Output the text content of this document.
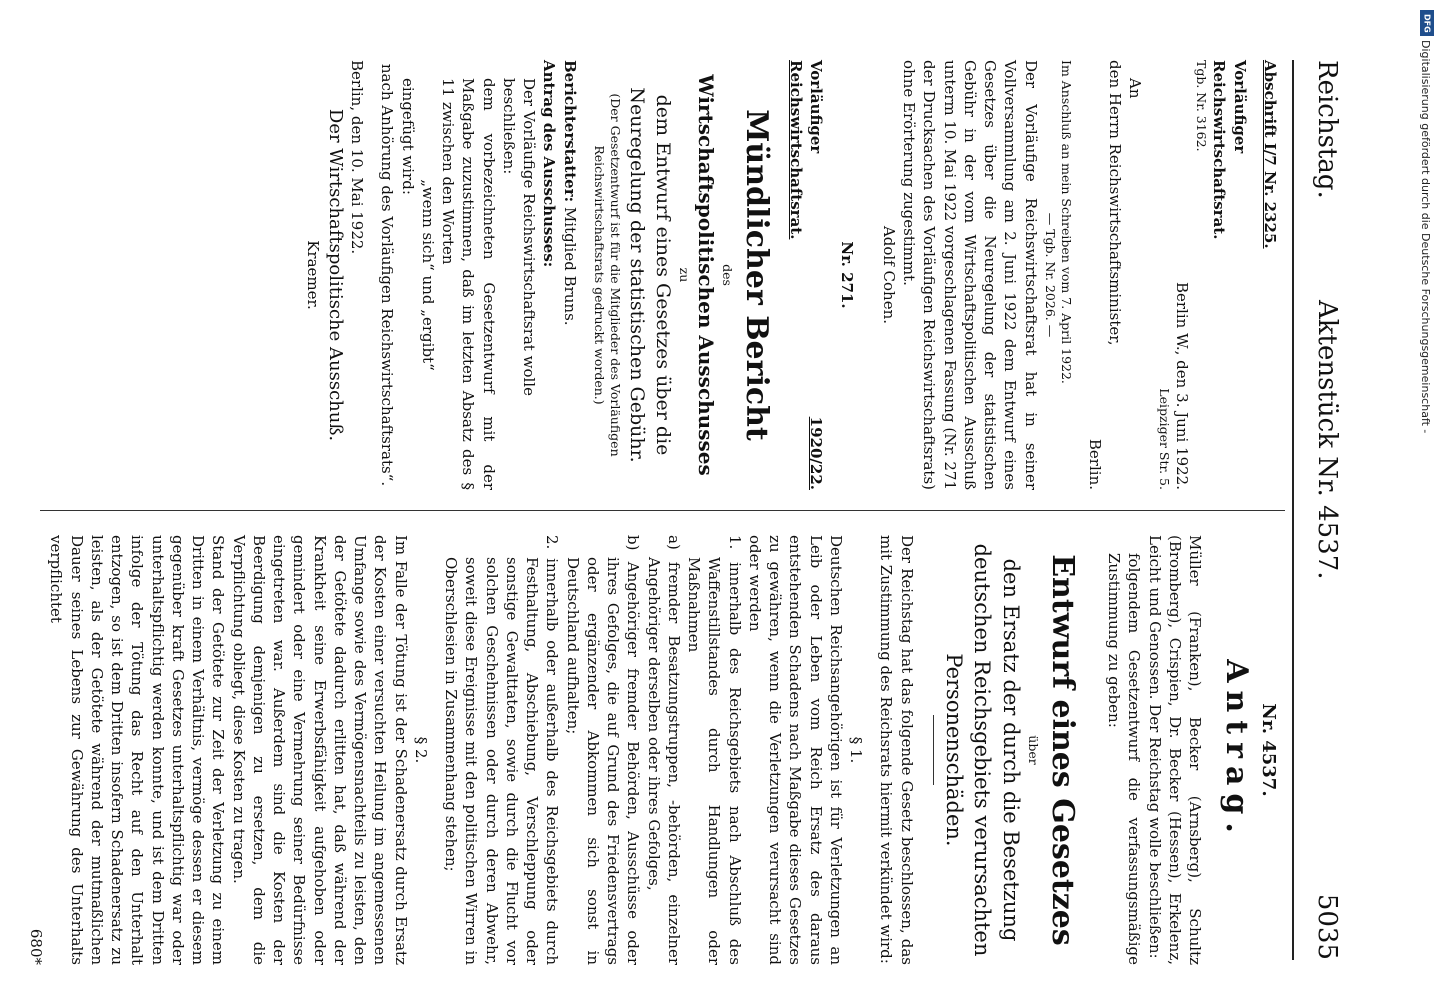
Reichstag.
Aktenstück Nr. 4537.
5035

Abschrift I/7 Nr. 2325.

Vorläufiger

Reichswirtschaftsrat.

Tgb. Nr. 3162.

Berlin W., den 3. Juni 1922.

Leipziger Str. 5.

An

den Herrn Reichswirtschaftsminister,

Berlin.

Im Anschluß an mein Schreiben vom 7. April 1922.

— Tgb. Nr. 2026. —

Der Vorläufige Reichswirtschaftsrat hat in seiner Vollversammlung am 2. Juni 1922 dem Entwurf eines Gesetzes über die Neuregelung der statistischen Gebühr in der vom Wirtschaftspolitischen Ausschuß unterm 10. Mai 1922 vorgeschlagenen Fassung (Nr. 271 der Drucksachen des Vorläufigen Reichswirtschaftsrats) ohne Erörterung zugestimmt.

Adolf Cohen.

Nr. 271.

Vorläufiger

Reichswirtschaftsrat.

1920/22.

Mündlicher Bericht

des

Wirtschaftspolitischen Ausschusses

zu

dem Entwurf eines Gesetzes über die Neuregelung der statistischen Gebühr.

(Der Gesetzentwurf ist für die Mitglieder des Vorläufigen Reichswirtschaftsrats gedruckt worden.)

Berichterstatter: Mitglied Bruns.

Antrag des Ausschusses:

Der Vorläufige Reichswirtschaftsrat wolle beschließen:

dem vorbezeichneten Gesetzentwurf mit der Maßgabe zuzustimmen, daß im letzten Absatz des § 11 zwischen den Worten

„wenn sich“ und „ergibt“

eingefügt wird:

nach Anhörung des Vorläufigen Reichswirtschaftsrats“.

Berlin, den 10. Mai 1922.

Der Wirtschaftspolitische Ausschuß.

Kraemer.

Nr. 4537.

Antrag.

Müller (Franken), Becker (Arnsberg), Schultz (Bromberg), Crispien, Dr. Becker (Hessen), Erkelenz, Leicht und Genossen. Der Reichstag wolle beschließen:

folgendem Gesetzentwurf die verfassungsmäßige Zustimmung zu geben:

Entwurf eines Gesetzes

über

den Ersatz der durch die Besetzung deutschen Reichsgebiets verursachten Personenschäden.

Der Reichstag hat das folgende Gesetz beschlossen, das mit Zustimmung des Reichsrats hiermit verkündet wird:

§ 1.

Deutschen Reichsangehörigen ist für Verletzungen an Leib oder Leben vom Reich Ersatz des daraus entstehenden Schadens nach Maßgabe dieses Gesetzes zu gewähren, wenn die Verletzungen verursacht sind oder werden

1. innerhalb des Reichsgebiets nach Abschluß des Waffenstillstandes durch Handlungen oder Maßnahmen

a) fremder Besatzungstruppen, -behörden, einzelner Angehöriger derselben oder ihres Gefolges,

b) Angehöriger fremder Behörden, Ausschüsse oder ihres Gefolges, die auf Grund des Friedensvertrags oder ergänzender Abkommen sich sonst in Deutschland aufhalten;

2. innerhalb oder außerhalb des Reichsgebiets durch Festhaltung, Abschiebung, Verschleppung oder sonstige Gewalttaten, sowie durch die Flucht vor solchen Geschehnissen oder durch deren Abwehr, soweit diese Ereignisse mit den politischen Wirren in Oberschlesien in Zusammenhang stehen;

§ 2.

Im Falle der Tötung ist der Schadenersatz durch Ersatz der Kosten einer versuchten Heilung im angemessenen Umfange sowie des Vermögensnachteils zu leisten, den der Getötete dadurch erlitten hat, daß während der Krankheit seine Erwerbsfähigkeit aufgehoben oder gemindert oder eine Vermehrung seiner Bedürfnisse eingetreten war. Außerdem sind die Kosten der Beerdigung demjenigen zu ersetzen, dem die Verpflichtung obliegt, diese Kosten zu tragen.

Stand der Getötete zur Zeit der Verletzung zu einem Dritten in einem Verhältnis, vermöge dessen er diesem gegenüber kraft Gesetzes unterhaltspflichtig war oder unterhaltspflichtig werden konnte, und ist dem Dritten infolge der Tötung das Recht auf den Unterhalt entzogen, so ist dem Dritten insofern Schadenersatz zu leisten, als der Getötete während der mutmaßlichen Dauer seines Lebens zur Gewährung des Unterhalts verpflichtet

680*

DFG
Digitalisierung gefördert durch die Deutsche Forschungsgemeinschaft -
